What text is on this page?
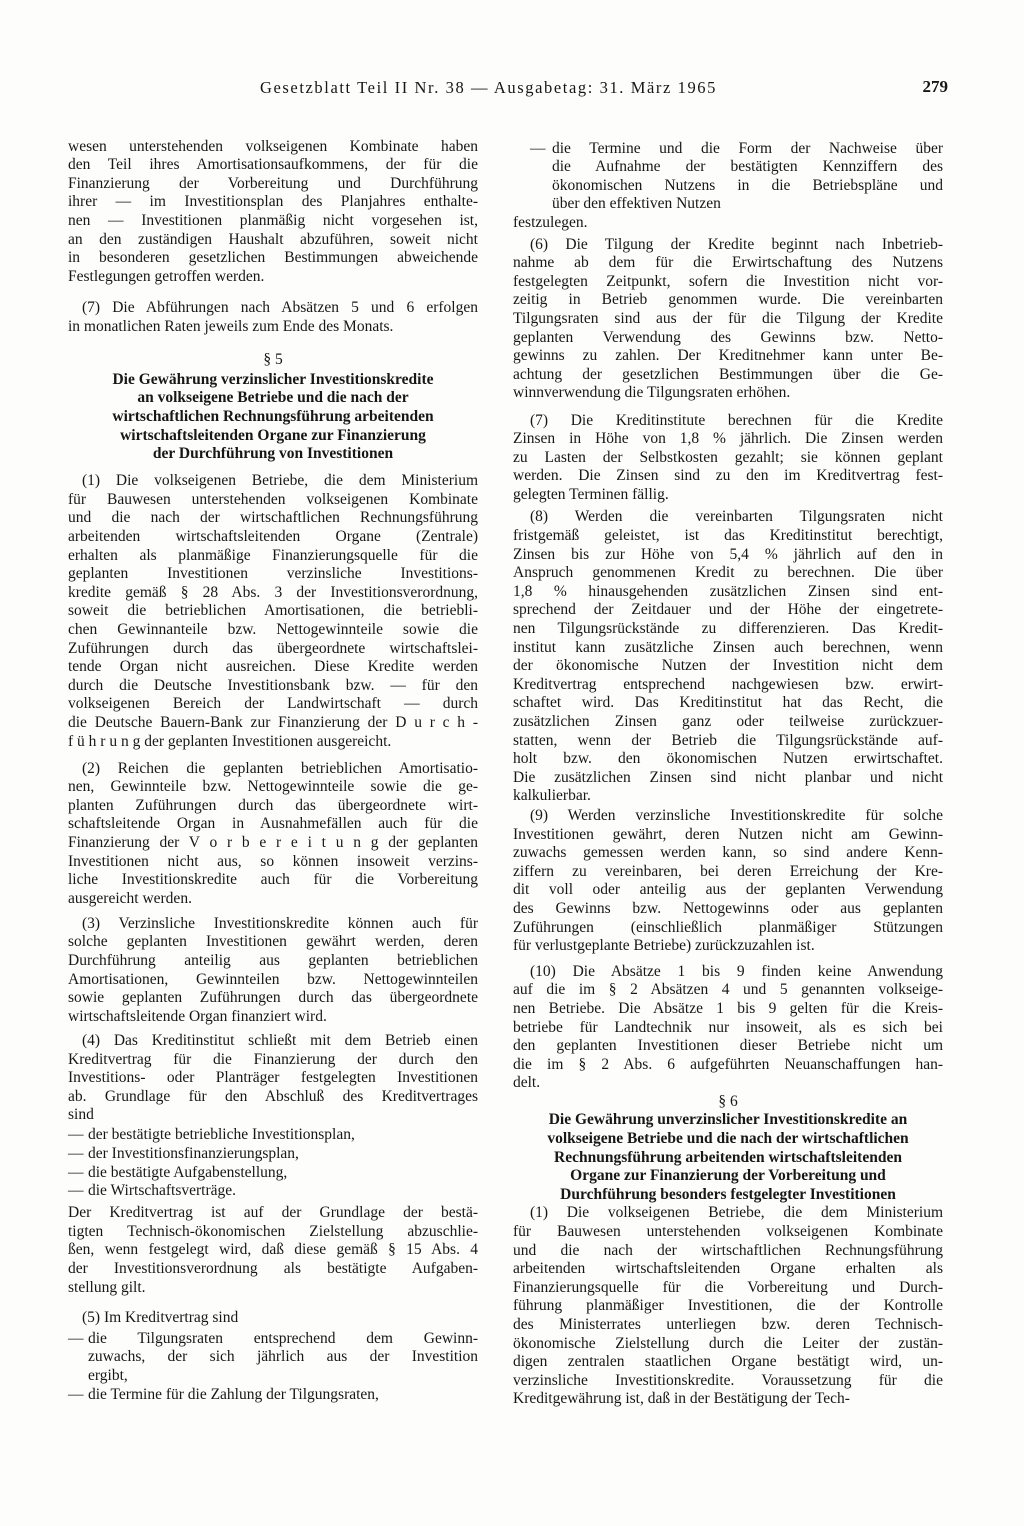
Gesetzblatt Teil II Nr. 38 — Ausgabetag: 31. März 1965	279
wesen unterstehenden volkseigenen Kombinate haben
den Teil ihres Amortisationsaufkommens, der für die
Finanzierung der Vorbereitung und Durchführung
ihrer — im Investitionsplan des Planjahres enthalte-
nen — Investitionen planmäßig nicht vorgesehen ist,
an den zuständigen Haushalt abzuführen, soweit nicht
in besonderen gesetzlichen Bestimmungen abweichende
Festlegungen getroffen werden.
(7) Die Abführungen nach Absätzen 5 und 6 erfolgen
in monatlichen Raten jeweils zum Ende des Monats.
§ 5
Die Gewährung verzinslicher Investitionskredite
an volkseigene Betriebe und die nach der
wirtschaftlichen Rechnungsführung arbeitenden
wirtschaftsleitenden Organe zur Finanzierung
der Durchführung von Investitionen
(1) Die volkseigenen Betriebe, die dem Ministerium
für Bauwesen unterstehenden volkseigenen Kombinate
und die nach der wirtschaftlichen Rechnungsführung
arbeitenden wirtschaftsleitenden Organe (Zentrale)
erhalten als planmäßige Finanzierungsquelle für die
geplanten Investitionen verzinsliche Investitions-
kredite gemäß § 28 Abs. 3 der Investitionsverordnung,
soweit die betrieblichen Amortisationen, die betriebli-
chen Gewinnanteile bzw. Nettogewinnteile sowie die
Zuführungen durch das übergeordnete wirtschaftslei-
tende Organ nicht ausreichen. Diese Kredite werden
durch die Deutsche Investitionsbank bzw. — für den
volkseigenen Bereich der Landwirtschaft — durch
die Deutsche Bauern-Bank zur Finanzierung der D u r c h -
f ü h r u n g der geplanten Investitionen ausgereicht.
(2) Reichen die geplanten betrieblichen Amortisatio-
nen, Gewinnteile bzw. Nettogewinnteile sowie die ge-
planten Zuführungen durch das übergeordnete wirt-
schaftsleitende Organ in Ausnahmefällen auch für die
Finanzierung der V o r b e r e i t u n g der geplanten
Investitionen nicht aus, so können insoweit verzins-
liche Investitionskredite auch für die Vorbereitung
ausgereicht werden.
(3) Verzinsliche Investitionskredite können auch für
solche geplanten Investitionen gewährt werden, deren
Durchführung anteilig aus geplanten betrieblichen
Amortisationen, Gewinnteilen bzw. Nettogewinnteilen
sowie geplanten Zuführungen durch das übergeordnete
wirtschaftsleitende Organ finanziert wird.
(4) Das Kreditinstitut schließt mit dem Betrieb einen
Kreditvertrag für die Finanzierung der durch den
Investitions- oder Planträger festgelegten Investitionen
ab. Grundlage für den Abschluß des Kreditvertrages
sind
— der bestätigte betriebliche Investitionsplan,
— der Investitionsfinanzierungsplan,
— die bestätigte Aufgabenstellung,
— die Wirtschaftsverträge.
Der Kreditvertrag ist auf der Grundlage der bestä-
tigten Technisch-ökonomischen Zielstellung abzuschlie-
ßen, wenn festgelegt wird, daß diese gemäß § 15 Abs. 4
der Investitionsverordnung als bestätigte Aufgaben-
stellung gilt.
(5) Im Kreditvertrag sind
— die Tilgungsraten entsprechend dem Gewinn-
zuwachs, der sich jährlich aus der Investition
ergibt,
— die Termine für die Zahlung der Tilgungsraten,
— die Termine und die Form der Nachweise über
die Aufnahme der bestätigten Kennziffern des
ökonomischen Nutzens in die Betriebspläne und
über den effektiven Nutzen
festzulegen.
(6) Die Tilgung der Kredite beginnt nach Inbetrieb-
nahme ab dem für die Erwirtschaftung des Nutzens
festgelegten Zeitpunkt, sofern die Investition nicht vor-
zeitig in Betrieb genommen wurde. Die vereinbarten
Tilgungsraten sind aus der für die Tilgung der Kredite
geplanten Verwendung des Gewinns bzw. Netto-
gewinns zu zahlen. Der Kreditnehmer kann unter Be-
achtung der gesetzlichen Bestimmungen über die Ge-
winnverwendung die Tilgungsraten erhöhen.
(7) Die Kreditinstitute berechnen für die Kredite
Zinsen in Höhe von 1,8 % jährlich. Die Zinsen werden
zu Lasten der Selbstkosten gezahlt; sie können geplant
werden. Die Zinsen sind zu den im Kreditvertrag fest-
gelegten Terminen fällig.
(8) Werden die vereinbarten Tilgungsraten nicht
fristgemäß geleistet, ist das Kreditinstitut berechtigt,
Zinsen bis zur Höhe von 5,4 % jährlich auf den in
Anspruch genommenen Kredit zu berechnen. Die über
1,8 % hinausgehenden zusätzlichen Zinsen sind ent-
sprechend der Zeitdauer und der Höhe der eingetrete-
nen Tilgungsrückstände zu differenzieren. Das Kredit-
institut kann zusätzliche Zinsen auch berechnen, wenn
der ökonomische Nutzen der Investition nicht dem
Kreditvertrag entsprechend nachgewiesen bzw. erwirt-
schaftet wird. Das Kreditinstitut hat das Recht, die
zusätzlichen Zinsen ganz oder teilweise zurückzuer-
statten, wenn der Betrieb die Tilgungsrückstände auf-
holt bzw. den ökonomischen Nutzen erwirtschaftet.
Die zusätzlichen Zinsen sind nicht planbar und nicht
kalkulierbar.
(9) Werden verzinsliche Investitionskredite für solche
Investitionen gewährt, deren Nutzen nicht am Gewinn-
zuwachs gemessen werden kann, so sind andere Kenn-
ziffern zu vereinbaren, bei deren Erreichung der Kre-
dit voll oder anteilig aus der geplanten Verwendung
des Gewinns bzw. Nettogewinns oder aus geplanten
Zuführungen (einschließlich planmäßiger Stützungen
für verlustgeplante Betriebe) zurückzuzahlen ist.
(10) Die Absätze 1 bis 9 finden keine Anwendung
auf die im § 2 Absätzen 4 und 5 genannten volkseige-
nen Betriebe. Die Absätze 1 bis 9 gelten für die Kreis-
betriebe für Landtechnik nur insoweit, als es sich bei
den geplanten Investitionen dieser Betriebe nicht um
die im § 2 Abs. 6 aufgeführten Neuanschaffungen han-
delt.
§ 6
Die Gewährung unverzinslicher Investitionskredite an
volkseigene Betriebe und die nach der wirtschaftlichen
Rechnungsführung arbeitenden wirtschaftsleitenden
Organe zur Finanzierung der Vorbereitung und
Durchführung besonders festgelegter Investitionen
(1) Die volkseigenen Betriebe, die dem Ministerium
für Bauwesen unterstehenden volkseigenen Kombinate
und die nach der wirtschaftlichen Rechnungsführung
arbeitenden wirtschaftsleitenden Organe erhalten als
Finanzierungsquelle für die Vorbereitung und Durch-
führung planmäßiger Investitionen, die der Kontrolle
des Ministerrates unterliegen bzw. deren Technisch-
ökonomische Zielstellung durch die Leiter der zustän-
digen zentralen staatlichen Organe bestätigt wird, un-
verzinsliche Investitionskredite. Voraussetzung für die
Kreditgewährung ist, daß in der Bestätigung der Tech-
